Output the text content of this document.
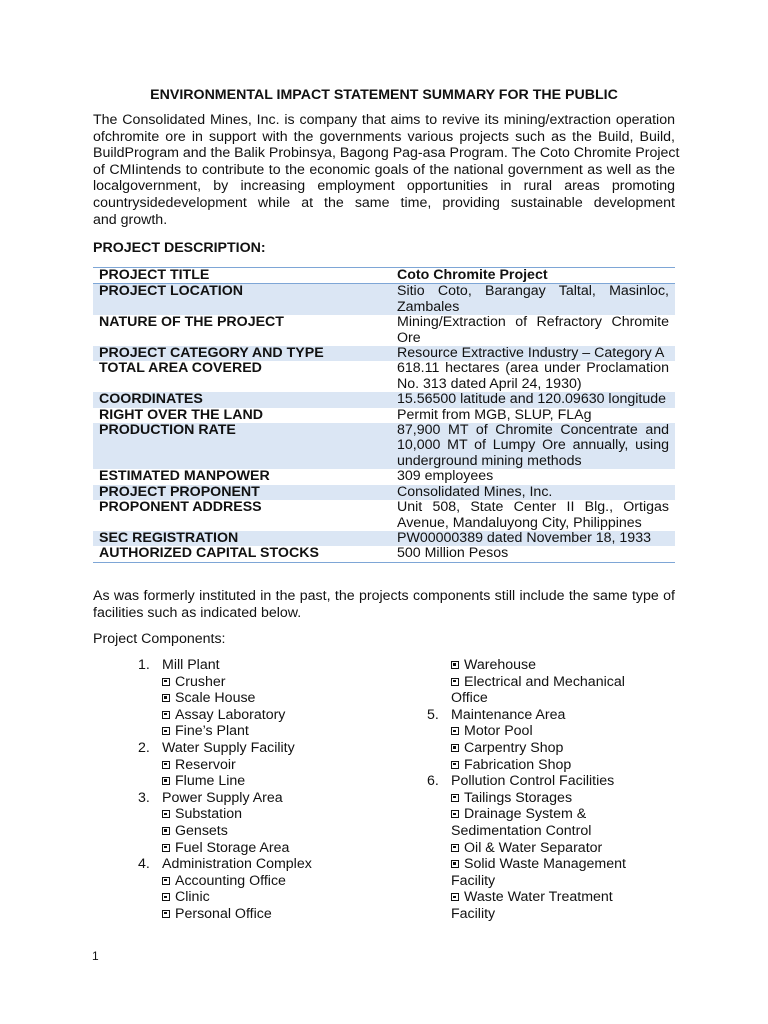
ENVIRONMENTAL IMPACT STATEMENT SUMMARY FOR THE PUBLIC
The Consolidated Mines, Inc. is company that aims to revive its mining/extraction operation
ofchromite ore in support with the governments various projects such as the Build, Build,
BuildProgram and the Balik Probinsya, Bagong Pag-asa Program. The Coto Chromite Project
of CMIintends to contribute to the economic goals of the national government as well as the
localgovernment, by increasing employment opportunities in rural areas promoting
countrysidedevelopment while at the same time, providing sustainable development
and growth.
PROJECT DESCRIPTION:
PROJECT TITLE	Coto Chromite Project
PROJECT LOCATION	Sitio Coto, Barangay Taltal, Masinloc, Zambales
NATURE OF THE PROJECT	Mining/Extraction of Refractory Chromite Ore
PROJECT CATEGORY AND TYPE	Resource Extractive Industry – Category A
TOTAL AREA COVERED	618.11 hectares (area under Proclamation No. 313 dated April 24, 1930)
COORDINATES	15.56500 latitude and 120.09630 longitude
RIGHT OVER THE LAND	Permit from MGB, SLUP, FLAg
PRODUCTION RATE	87,900 MT of Chromite Concentrate and 10,000 MT of Lumpy Ore annually, using underground mining methods
ESTIMATED MANPOWER	309 employees
PROJECT PROPONENT	Consolidated Mines, Inc.
PROPONENT ADDRESS	Unit 508, State Center II Blg., Ortigas Avenue, Mandaluyong City, Philippines
SEC REGISTRATION	PW00000389 dated November 18, 1933
AUTHORIZED CAPITAL STOCKS	500 Million Pesos
As was formerly instituted in the past, the projects components still include the same type of facilities such as indicated below.
Project Components:
1. Mill Plant
Crusher
Scale House
Assay Laboratory
Fine’s Plant
2. Water Supply Facility
Reservoir
Flume Line
3. Power Supply Area
Substation
Gensets
Fuel Storage Area
4. Administration Complex
Accounting Office
Clinic
Personal Office
Warehouse
Electrical and Mechanical Office
5. Maintenance Area
Motor Pool
Carpentry Shop
Fabrication Shop
6. Pollution Control Facilities
Tailings Storages
Drainage System & Sedimentation Control
Oil & Water Separator
Solid Waste Management Facility
Waste Water Treatment Facility
1
